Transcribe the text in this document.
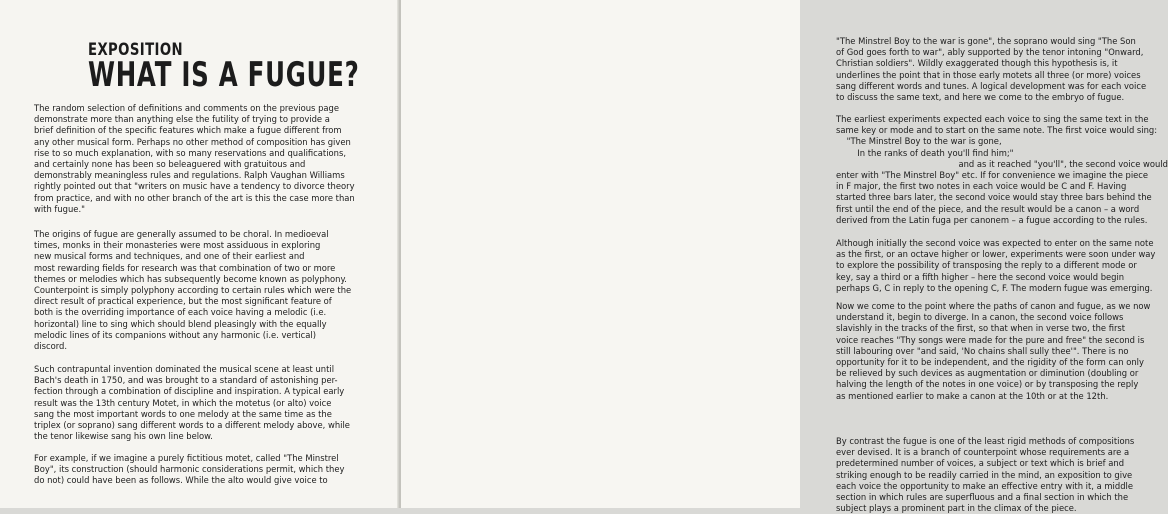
EXPOSITION
WHAT IS A FUGUE?

The random selection of definitions and comments on the previous page
demonstrate more than anything else the futility of trying to provide a
brief definition of the specific features which make a fugue different from
any other musical form. Perhaps no other method of composition has given
rise to so much explanation, with so many reservations and qualifications,
and certainly none has been so beleaguered with gratuitous and
demonstrably meaningless rules and regulations. Ralph Vaughan Williams
rightly pointed out that "writers on music have a tendency to divorce theory
from practice, and with no other branch of the art is this the case more than
with fugue."

The origins of fugue are generally assumed to be choral. In medioeval
times, monks in their monasteries were most assiduous in exploring
new musical forms and techniques, and one of their earliest and
most rewarding fields for research was that combination of two or more
themes or melodies which has subsequently become known as polyphony.
Counterpoint is simply polyphony according to certain rules which were the
direct result of practical experience, but the most significant feature of
both is the overriding importance of each voice having a melodic (i.e.
horizontal) line to sing which should blend pleasingly with the equally
melodic lines of its companions without any harmonic (i.e. vertical)
discord.

Such contrapuntal invention dominated the musical scene at least until
Bach's death in 1750, and was brought to a standard of astonishing per-
fection through a combination of discipline and inspiration. A typical early
result was the 13th century Motet, in which the motetus (or alto) voice
sang the most important words to one melody at the same time as the
triplex (or soprano) sang different words to a different melody above, while
the tenor likewise sang his own line below.

For example, if we imagine a purely fictitious motet, called "The Minstrel
Boy", its construction (should harmonic considerations permit, which they
do not) could have been as follows. While the alto would give voice to

"The Minstrel Boy to the war is gone", the soprano would sing "The Son
of God goes forth to war", ably supported by the tenor intoning "Onward,
Christian soldiers". Wildly exaggerated though this hypothesis is, it
underlines the point that in those early motets all three (or more) voices
sang different words and tunes. A logical development was for each voice
to discuss the same text, and here we come to the embryo of fugue.

The earliest experiments expected each voice to sing the same text in the
same key or mode and to start on the same note. The first voice would sing:
"The Minstrel Boy to the war is gone,
In the ranks of death you'll find him;"
and as it reached "you'll", the second voice would
enter with "The Minstrel Boy" etc. If for convenience we imagine the piece
in F major, the first two notes in each voice would be C and F. Having
started three bars later, the second voice would stay three bars behind the
first until the end of the piece, and the result would be a canon – a word
derived from the Latin fuga per canonem – a fugue according to the rules.

Although initially the second voice was expected to enter on the same note
as the first, or an octave higher or lower, experiments were soon under way
to explore the possibility of transposing the reply to a different mode or
key, say a third or a fifth higher – here the second voice would begin
perhaps G, C in reply to the opening C, F. The modern fugue was emerging.

Now we come to the point where the paths of canon and fugue, as we now
understand it, begin to diverge. In a canon, the second voice follows
slavishly in the tracks of the first, so that when in verse two, the first
voice reaches "Thy songs were made for the pure and free" the second is
still labouring over "and said, 'No chains shall sully thee'". There is no
opportunity for it to be independent, and the rigidity of the form can only
be relieved by such devices as augmentation or diminution (doubling or
halving the length of the notes in one voice) or by transposing the reply
as mentioned earlier to make a canon at the 10th or at the 12th.

By contrast the fugue is one of the least rigid methods of compositions
ever devised. It is a branch of counterpoint whose requirements are a
predetermined number of voices, a subject or text which is brief and
striking enough to be readily carried in the mind, an exposition to give
each voice the opportunity to make an effective entry with it, a middle
section in which rules are superfluous and a final section in which the
subject plays a prominent part in the climax of the piece.
